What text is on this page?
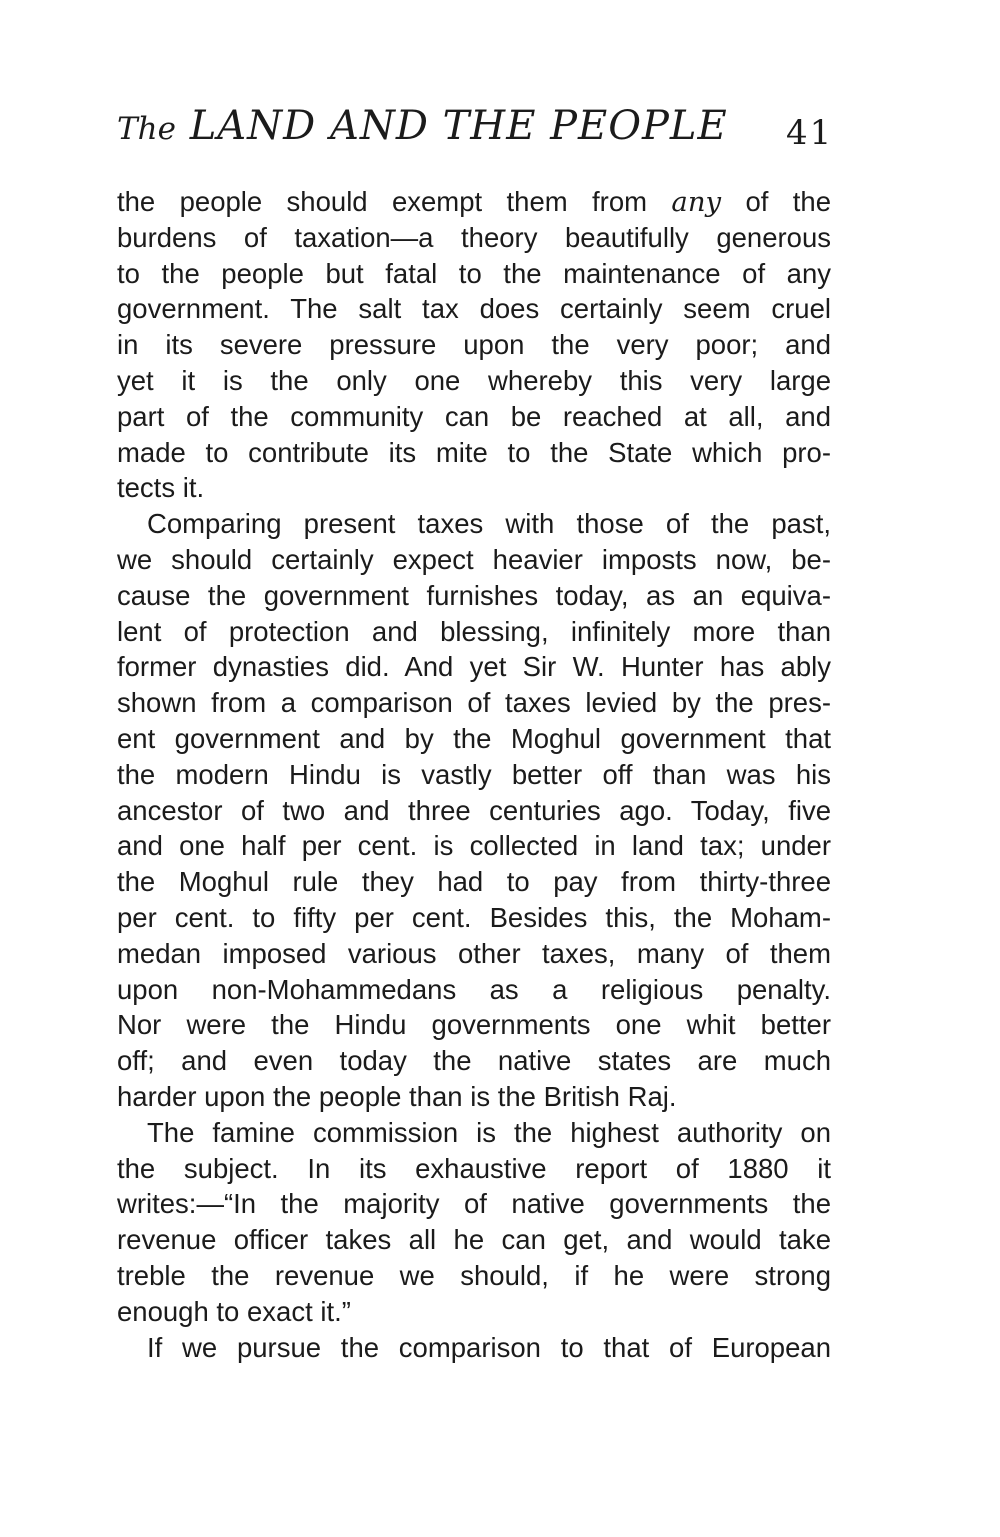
The LAND AND THE PEOPLE	41
the people should exempt them from any of the
burdens of taxation—a theory beautifully generous
to the people but fatal to the maintenance of any
government. The salt tax does certainly seem cruel
in its severe pressure upon the very poor; and
yet it is the only one whereby this very large
part of the community can be reached at all, and
made to contribute its mite to the State which pro-
tects it.
Comparing present taxes with those of the past,
we should certainly expect heavier imposts now, be-
cause the government furnishes today, as an equiva-
lent of protection and blessing, infinitely more than
former dynasties did. And yet Sir W. Hunter has ably
shown from a comparison of taxes levied by the pres-
ent government and by the Moghul government that
the modern Hindu is vastly better off than was his
ancestor of two and three centuries ago. Today, five
and one half per cent. is collected in land tax; under
the Moghul rule they had to pay from thirty-three
per cent. to fifty per cent. Besides this, the Moham-
medan imposed various other taxes, many of them
upon non-Mohammedans as a religious penalty.
Nor were the Hindu governments one whit better
off; and even today the native states are much
harder upon the people than is the British Raj.
The famine commission is the highest authority on
the subject. In its exhaustive report of 1880 it
writes:—“In the majority of native governments the
revenue officer takes all he can get, and would take
treble the revenue we should, if he were strong
enough to exact it.”
If we pursue the comparison to that of European
